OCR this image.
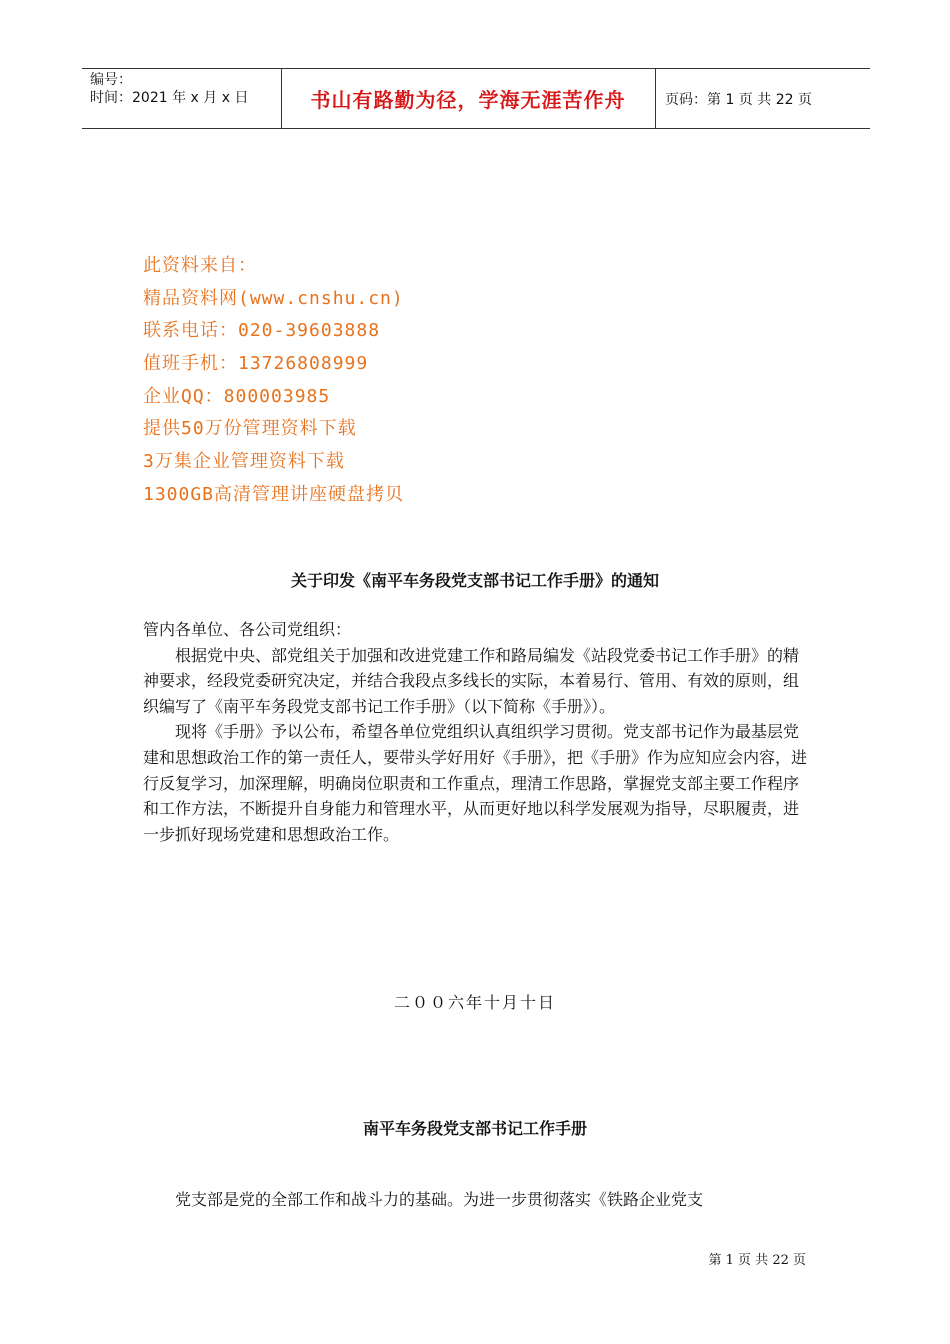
编号：
时间：2021 年 x 月 x 日	书山有路勤为径，学海无涯苦作舟	页码：第 1 页 共 22 页
此资料来自：
精品资料网(www.cnshu.cn)
联系电话：020-39603888
值班手机：13726808999
企业QQ：800003985
提供50万份管理资料下载
3万集企业管理资料下载
1300GB高清管理讲座硬盘拷贝
关于印发《南平车务段党支部书记工作手册》的通知

管内各单位、各公司党组织：

根据党中央、部党组关于加强和改进党建工作和路局编发《站段党委书记工作手册》的精神要求，经段党委研究决定，并结合我段点多线长的实际，本着易行、管用、有效的原则，组织编写了《南平车务段党支部书记工作手册》（以下简称《手册》）。

现将《手册》予以公布，希望各单位党组织认真组织学习贯彻。党支部书记作为最基层党建和思想政治工作的第一责任人，要带头学好用好《手册》，把《手册》作为应知应会内容，进行反复学习，加深理解，明确岗位职责和工作重点，理清工作思路，掌握党支部主要工作程序和工作方法，不断提升自身能力和管理水平，从而更好地以科学发展观为指导，尽职履责，进一步抓好现场党建和思想政治工作。

二００六年十月十日
南平车务段党支部书记工作手册

党支部是党的全部工作和战斗力的基础。为进一步贯彻落实《铁路企业党支

第 1 页 共 22 页
